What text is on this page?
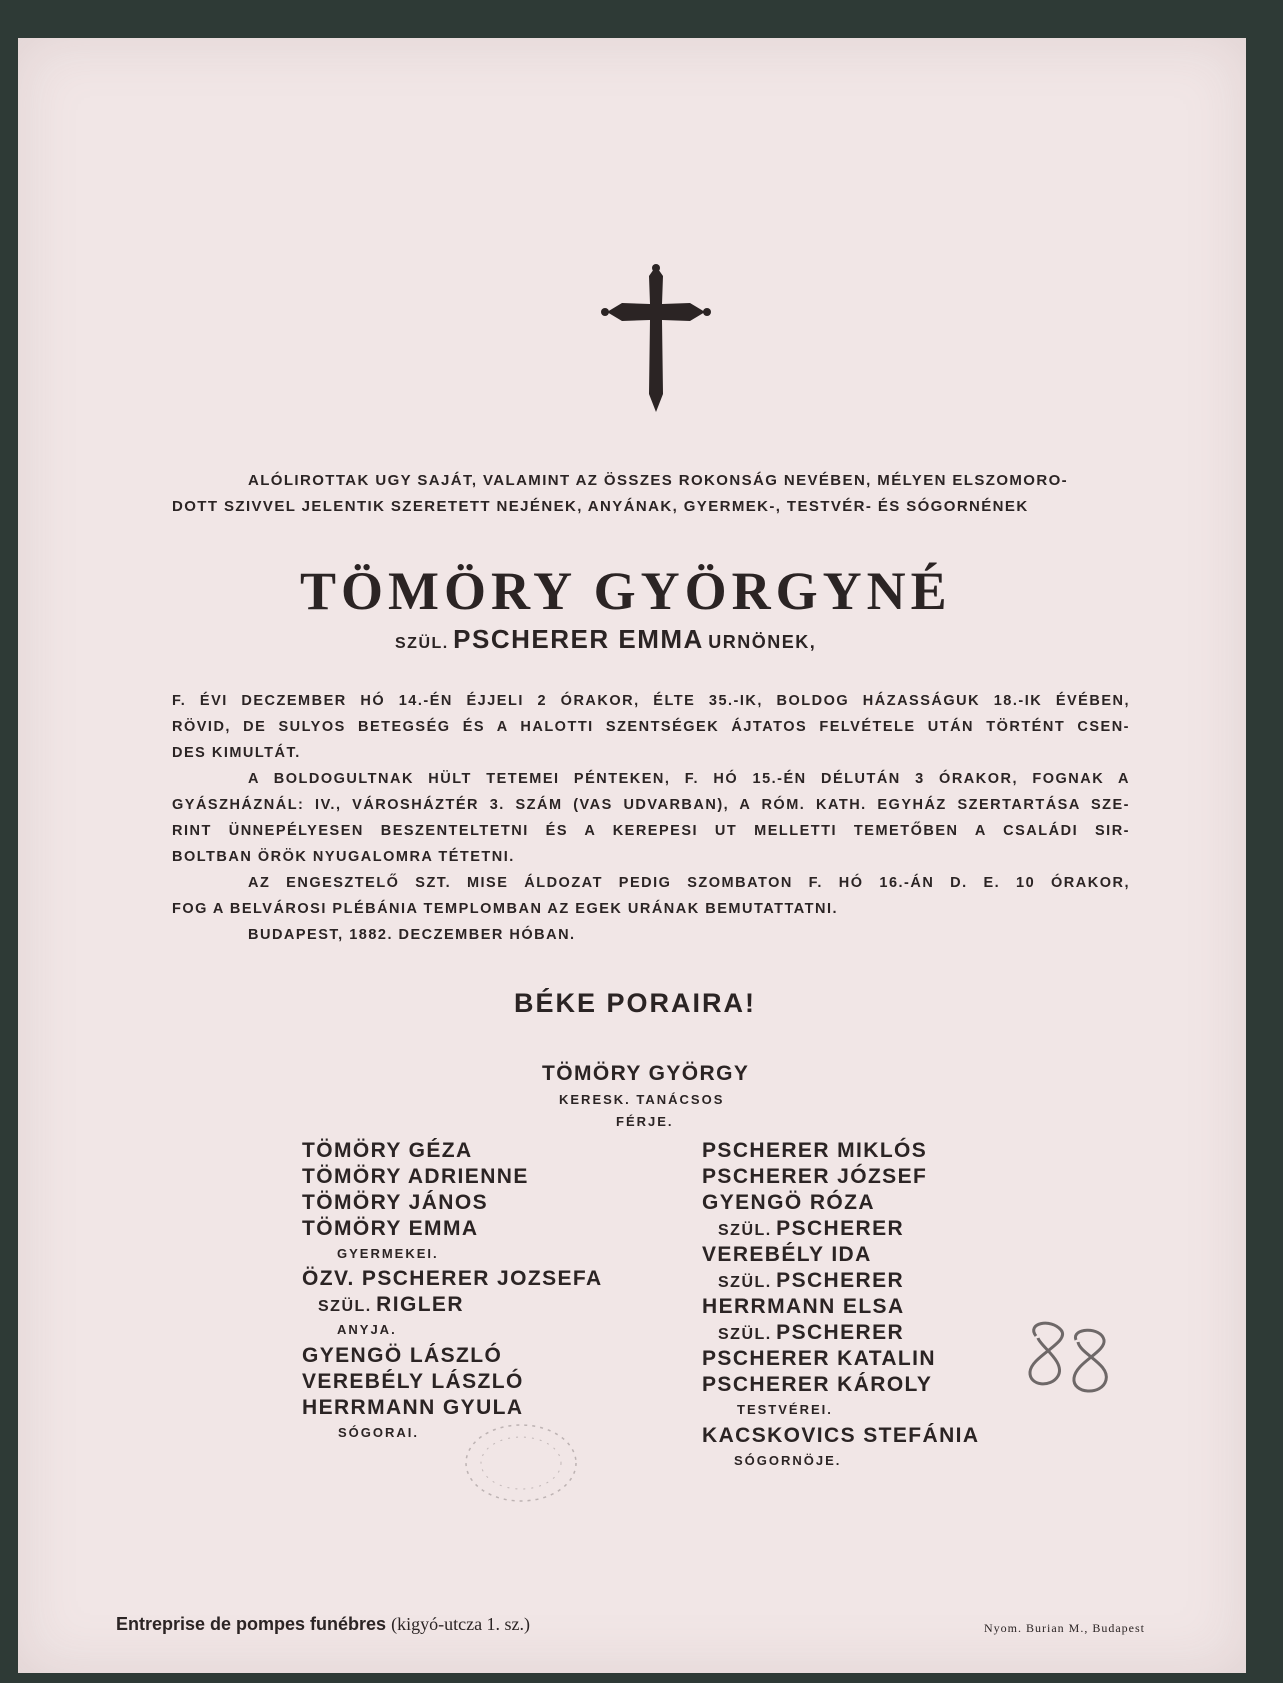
ALÓLIROTTAK UGY SAJÁT, VALAMINT AZ ÖSSZES ROKONSÁG NEVÉBEN, MÉLYEN ELSZOMORO-
DOTT SZIVVEL JELENTIK SZERETETT NEJÉNEK, ANYÁNAK, GYERMEK-, TESTVÉR- ÉS SÓGORNÉNEK
TÖMÖRY GYÖRGYNÉ
SZÜL. PSCHERER EMMA URNÖNEK,
F. ÉVI DECZEMBER HÓ 14.-ÉN ÉJJELI 2 ÓRAKOR, ÉLTE 35.-IK, BOLDOG HÁZASSÁGUK 18.-IK ÉVÉBEN,
RÖVID, DE SULYOS BETEGSÉG ÉS A HALOTTI SZENTSÉGEK ÁJTATOS FELVÉTELE UTÁN TÖRTÉNT CSEN-
DES KIMULTÁT.
A BOLDOGULTNAK HÜLT TETEMEI PÉNTEKEN, F. HÓ 15.-ÉN DÉLUTÁN 3 ÓRAKOR, FOGNAK A
GYÁSZHÁZNÁL: IV., VÁROSHÁZTÉR 3. SZÁM (VAS UDVARBAN), A RÓM. KATH. EGYHÁZ SZERTARTÁSA SZE-
RINT ÜNNEPÉLYESEN BESZENTELTETNI ÉS A KEREPESI UT MELLETTI TEMETŐBEN A CSALÁDI SIR-
BOLTBAN ÖRÖK NYUGALOMRA TÉTETNI.
AZ ENGESZTELŐ SZT. MISE ÁLDOZAT PEDIG SZOMBATON F. HÓ 16.-ÁN D. E. 10 ÓRAKOR,
FOG A BELVÁROSI PLÉBÁNIA TEMPLOMBAN AZ EGEK URÁNAK BEMUTATTATNI.
BUDAPEST, 1882. DECZEMBER HÓBAN.
BÉKE PORAIRA!
TÖMÖRY GYÖRGY
KERESK. TANÁCSOS
FÉRJE.
TÖMÖRY GÉZA
TÖMÖRY ADRIENNE
TÖMÖRY JÁNOS
TÖMÖRY EMMA
GYERMEKEI.
ÖZV. PSCHERER JOZSEFA
SZÜL. RIGLER
ANYJA.
GYENGÖ LÁSZLÓ
VEREBÉLY LÁSZLÓ
HERRMANN GYULA
SÓGORAI.
PSCHERER MIKLÓS
PSCHERER JÓZSEF
GYENGÖ RÓZA
SZÜL. PSCHERER
VEREBÉLY IDA
SZÜL. PSCHERER
HERRMANN ELSA
SZÜL. PSCHERER
PSCHERER KATALIN
PSCHERER KÁROLY
TESTVÉREI.
KACSKOVICS STEFÁNIA
SÓGORNÖJE.
Entreprise de pompes funébres (kigyó-utcza 1. sz.)	Nyom. Burian M., Budapest
